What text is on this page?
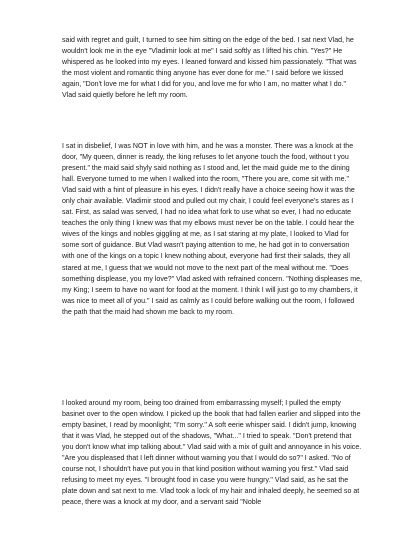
said with regret and guilt, I turned to see him sitting on the edge of the bed. I sat next Vlad, he wouldn't look me in the eye "Vladimir look at me" I said softly as I lifted his chin. "Yes?" He whispered as he looked into my eyes. I leaned forward and kissed him passionately. "That was the most violent and romantic thing anyone has ever done for me.'' I said before we kissed again, "Don't love me for what I did for you, and love me for who I am, no matter what I do." Vlad said quietly before he left my room.

I sat in disbelief, I was NOT in love with him, and he was a monster. There was a knock at the door, "My queen, dinner is ready, the king refuses to let anyone touch the food, without t you present." the maid said shyly said nothing as I stood and, let the maid guide me to the dining hall. Everyone turned to me when I walked into the room, "There you are, come sit with me." Vlad said with a hint of pleasure in his eyes. I didn't really have a choice seeing how it was the only chair available. Vladimir stood and pulled out my chair, I could feel everyone's stares as I sat. First, as salad was served, I had no idea what fork to use what so ever, I had no educate teaches the only thing I knew was that my elbows must never be on the table. I could hear the wives of the kings and nobles giggling at me, as I sat staring at my plate, I looked to Vlad for some sort of guidance. But Vlad wasn't paying attention to me, he had got in to conversation with one of the kings on a topic I knew nothing about, everyone had first their salads, they all stared at me, I guess that we would not move to the next part of the meal without me. "Does something displease, you my love?" Vlad asked with refrained concern. "Nothing displeases me, my King; I seem to have no want for food at the moment. I think I will just go to my chambers, it was nice to meet all of you." I said as calmly as I could before walking out the room, I followed the path that the maid had shown me back to my room.

I looked around my room, being too drained from embarrassing myself; I pulled the empty basinet over to the open window. I picked up the book that had fallen earlier and slipped into the empty basinet, I read by moonlight; "I'm sorry." A soft eerie whisper said. I didn't jump, knowing that it was Vlad, he stepped out of the shadows, "What..." I tried to speak. "Don't pretend that you don't know what imp talking about." Vlad said with a mix of guilt and annoyance in his voice. "Are you displeased that I left dinner without warning you that I would do so?" I asked. "No of course not, I shouldn't have put you in that kind position without warning you first." Vlad said refusing to meet my eyes. "I brought food in case you were hungry." Vlad said, as he sat the plate down and sat next to me. Vlad took a lock of my hair and inhaled deeply, he seemed so at peace, there was a knock at my door, and a servant said "Noble
